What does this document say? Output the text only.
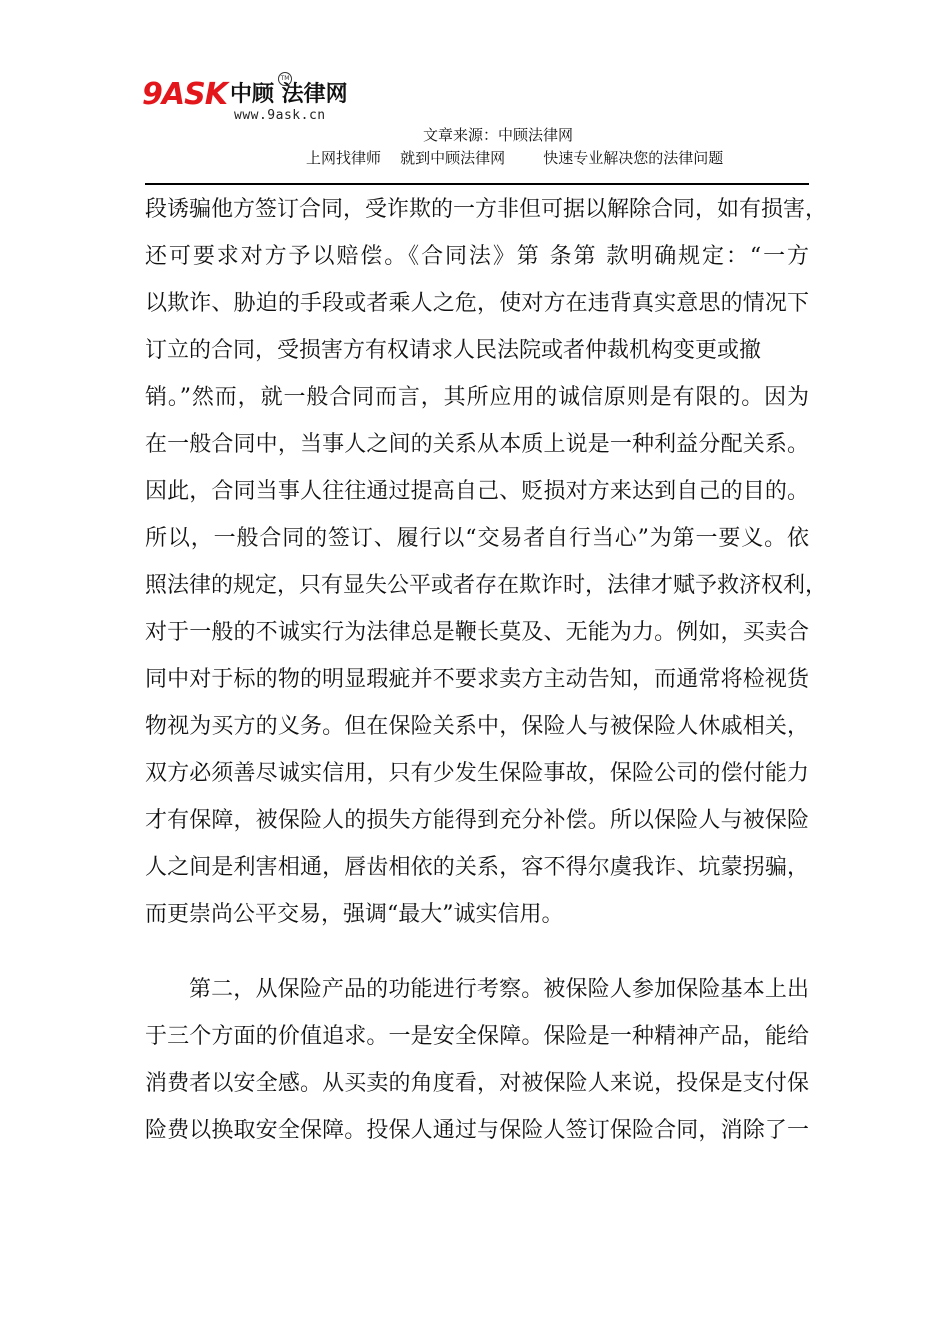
9ASK 中顾 法律网
TM
www.9ask.cn
文章来源：中顾法律网
上网找律师    就到中顾法律网        快速专业解决您的法律问题
段诱骗他方签订合同，受诈欺的一方非但可据以解除合同，如有损害，
还可要求对方予以赔偿。《合同法》第 条第 款明确规定：“一方
以欺诈、胁迫的手段或者乘人之危，使对方在违背真实意思的情况下
订立的合同，受损害方有权请求人民法院或者仲裁机构变更或撤
销。”然而，就一般合同而言，其所应用的诚信原则是有限的。因为
在一般合同中，当事人之间的关系从本质上说是一种利益分配关系。
因此，合同当事人往往通过提高自己、贬损对方来达到自己的目的。
所以，一般合同的签订、履行以“交易者自行当心”为第一要义。依
照法律的规定，只有显失公平或者存在欺诈时，法律才赋予救济权利，
对于一般的不诚实行为法律总是鞭长莫及、无能为力。例如，买卖合
同中对于标的物的明显瑕疵并不要求卖方主动告知，而通常将检视货
物视为买方的义务。但在保险关系中，保险人与被保险人休戚相关，
双方必须善尽诚实信用，只有少发生保险事故，保险公司的偿付能力
才有保障，被保险人的损失方能得到充分补偿。所以保险人与被保险
人之间是利害相通，唇齿相依的关系，容不得尔虞我诈、坑蒙拐骗，
而更崇尚公平交易，强调“最大”诚实信用。
第二，从保险产品的功能进行考察。被保险人参加保险基本上出
于三个方面的价值追求。一是安全保障。保险是一种精神产品，能给
消费者以安全感。从买卖的角度看，对被保险人来说，投保是支付保
险费以换取安全保障。投保人通过与保险人签订保险合同，消除了一
